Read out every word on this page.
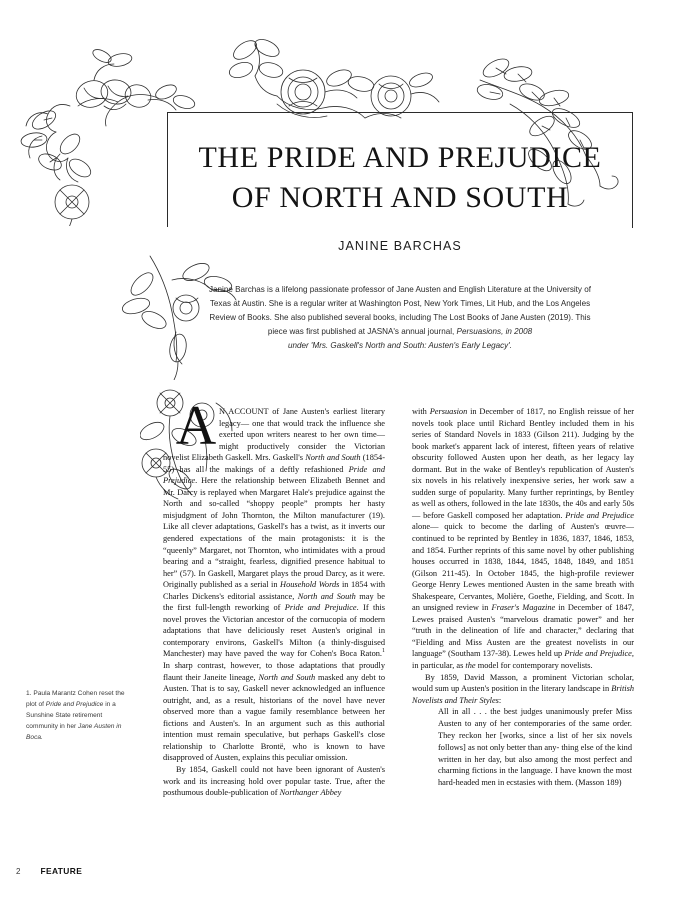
THE PRIDE AND PREJUDICE
OF NORTH AND SOUTH
JANINE BARCHAS
Janine Barchas is a lifelong passionate professor of Jane Austen and English Literature at the University of Texas at Austin. She is a regular writer at Washington Post, New York Times, Lit Hub, and the Los Angeles Review of Books. She also published several books, including The Lost Books of Jane Austen (2019). This piece was first published at JASNA's annual journal, Persuasions, in 2008
under 'Mrs. Gaskell's North and South: Austen's Early Legacy'.

N ACCOUNT of Jane Austen's earliest literary legacy— one that would track the influence she exerted upon writers nearest to her own time— might productively consider the Victorian novelist Elizabeth Gaskell. Mrs. Gaskell's North and South (1854-55) has all the makings of a deftly refashioned Pride and Prejudice. Here the relationship between Elizabeth Bennet and Mr. Darcy is replayed when Margaret Hale's prejudice against the North and so-called “shoppy people” prompts her hasty misjudgment of John Thornton, the Milton manufacturer (19). Like all clever adaptations, Gaskell's has a twist, as it inverts our gendered expectations of the main protagonists: it is the “queenly” Margaret, not Thornton, who intimidates with a proud bearing and a “straight, fearless, dignified presence habitual to her” (57). In Gaskell, Margaret plays the proud Darcy, as it were. Originally published as a serial in Household Words in 1854 with Charles Dickens's editorial assistance, North and South may be the first full-length reworking of Pride and Prejudice. If this novel proves the Victorian ancestor of the cornucopia of modern adaptations that have deliciously reset Austen's original in contemporary environs, Gaskell's Milton (a thinly-disguised Manchester) may have paved the way for Cohen's Boca Raton.$^1$ In sharp contrast, however, to those adaptations that proudly flaunt their Janeite lineage, North and South masked any debt to Austen. That is to say, Gaskell never acknowledged an influence outright, and, as a result, historians of the novel have never observed more than a vague family resemblance between her fictions and Austen's. In an argument such as this authorial intention must remain speculative, but perhaps Gaskell's close relationship to Charlotte Brontë, who is known to have disapproved of Austen, explains this peculiar omission.

By 1854, Gaskell could not have been ignorant of Austen's work and its increasing hold over popular taste. True, after the posthumous double-publication of Northanger Abbey

A	with Persuasion in December of 1817, no English reissue of her novels took place until Richard Bentley included them in his series of Standard Novels in 1833 (Gilson 211). Judging by the book market's apparent lack of interest, fifteen years of relative obscurity followed Austen upon her death, as her legacy lay dormant. But in the wake of Bentley's republication of Austen's six novels in his relatively inexpensive series, her work saw a sudden surge of popularity. Many further reprintings, by Bentley as well as others, followed in the late 1830s, the 40s and early 50s— before Gaskell composed her adaptation. Pride and Prejudice alone— quick to become the darling of Austen's œuvre— continued to be reprinted by Bentley in 1836, 1837, 1846, 1853, and 1854. Further reprints of this same novel by other publishing houses occurred in 1838, 1844, 1845, 1848, 1849, and 1851 (Gilson 211-45). In October 1845, the high-profile reviewer George Henry Lewes mentioned Austen in the same breath with Shakespeare, Cervantes, Molière, Goethe, Fielding, and Scott. In an unsigned review in Fraser's Magazine in December of 1847, Lewes praised Austen's “marvelous dramatic power” and her “truth in the delineation of life and character,” declaring that “Fielding and Miss Austen are the greatest novelists in our language” (Southam 137-38). Lewes held up Pride and Prejudice, in particular, as the model for contemporary novelists.

By 1859, David Masson, a prominent Victorian scholar, would sum up Austen's position in the literary landscape in British Novelists and Their Styles:

All in all . . . the best judges unanimously prefer Miss Austen to any of her contemporaries of the same order. They reckon her [works, since a list of her six novels follows] as not only better than any- thing else of the kind written in her day, but also among the most perfect and charming fictions in the language. I have known the most hard-headed men in ecstasies with them. (Masson 189)
1. Paula Marantz Cohen reset the plot of Pride and Prejudice in a Sunshine State retirement community in her Jane Austen in Boca.
2 FEATURE
